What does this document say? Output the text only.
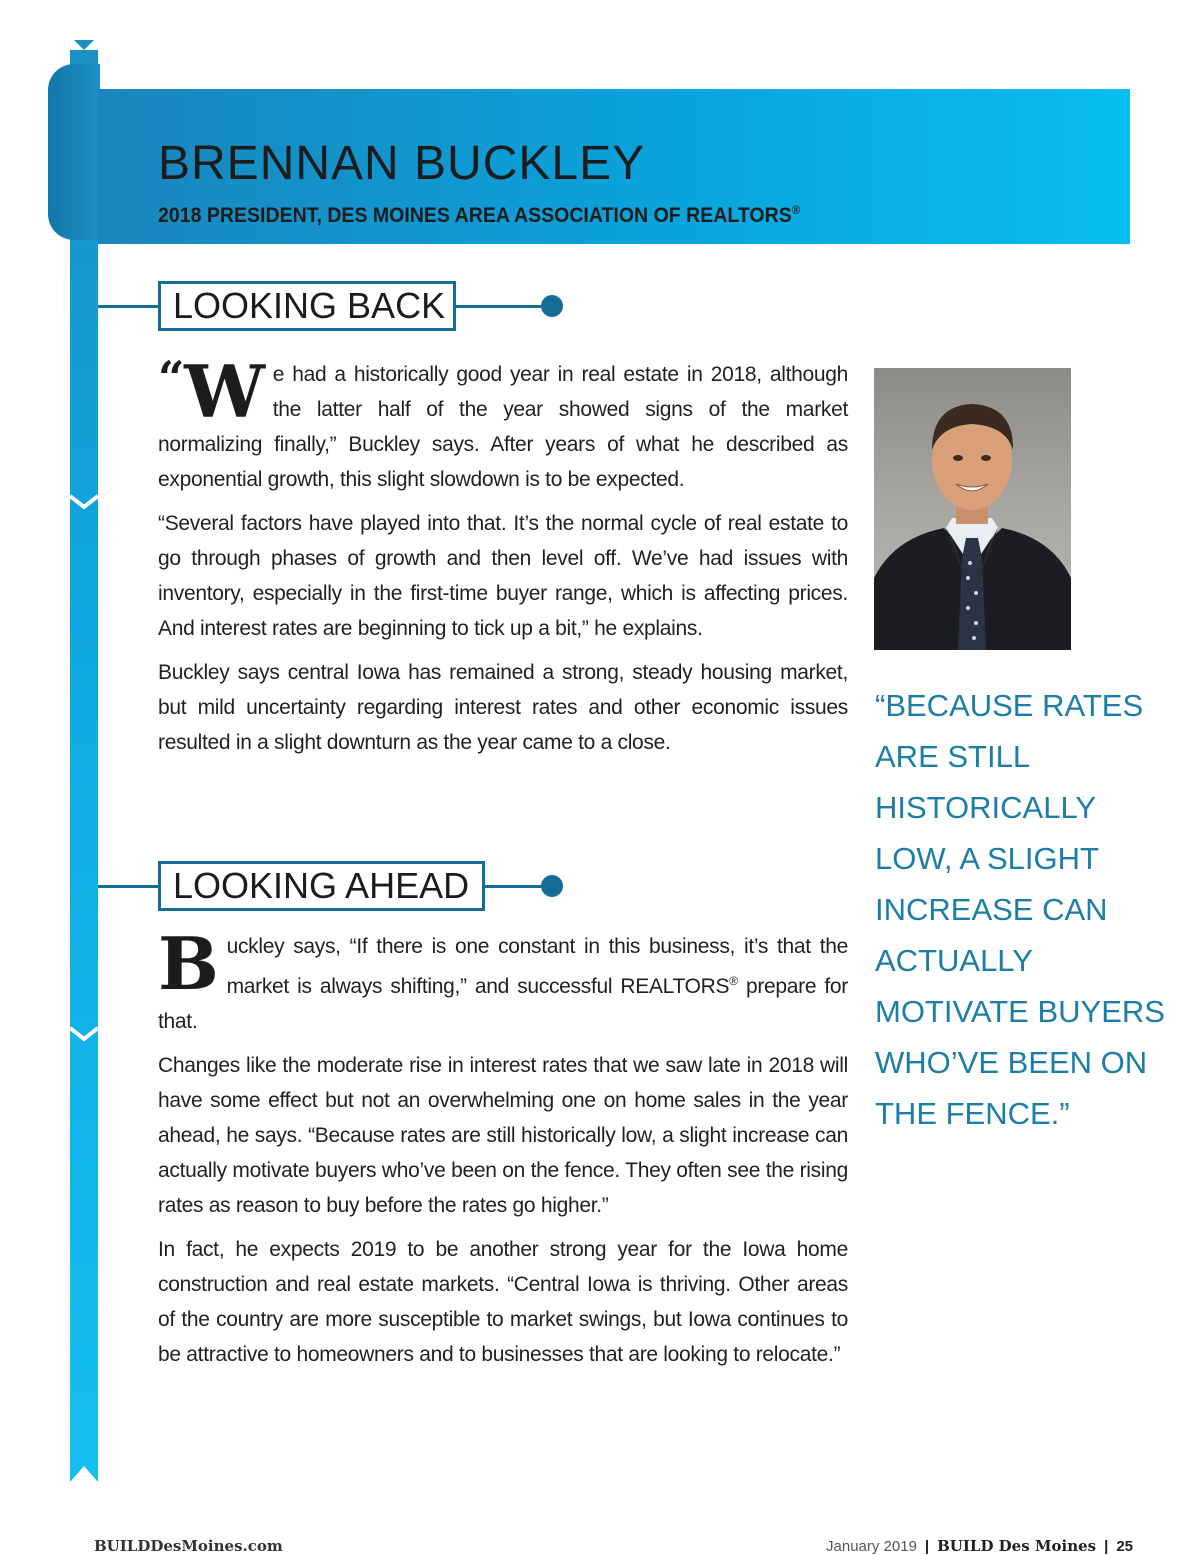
BRENNAN BUCKLEY

2018 PRESIDENT, DES MOINES AREA ASSOCIATION OF REALTORS®

LOOKING BACK

“W e had a historically good year in real estate in 2018, although the latter half of the year showed signs of the market normalizing finally,” Buckley says. After years of what he described as exponential growth, this slight slowdown is to be expected.

“Several factors have played into that. It’s the normal cycle of real estate to go through phases of growth and then level off. We’ve had issues with inventory, especially in the first-time buyer range, which is affecting prices. And interest rates are beginning to tick up a bit,” he explains.

Buckley says central Iowa has remained a strong, steady housing market, but mild uncertainty regarding interest rates and other economic issues resulted in a slight downturn as the year came to a close.

LOOKING AHEAD

Buckley says, “If there is one constant in this business, it’s that the market is always shifting,” and successful REALTORS® prepare for that.

Changes like the moderate rise in interest rates that we saw late in 2018 will have some effect but not an overwhelming one on home sales in the year ahead, he says. “Because rates are still historically low, a slight increase can actually motivate buyers who’ve been on the fence. They often see the rising rates as reason to buy before the rates go higher.”

In fact, he expects 2019 to be another strong year for the Iowa home construction and real estate markets. “Central Iowa is thriving. Other areas of the country are more susceptible to market swings, but Iowa continues to be attractive to homeowners and to businesses that are looking to relocate.”

“BECAUSE RATES ARE STILL HISTORICALLY LOW, A SLIGHT INCREASE CAN ACTUALLY MOTIVATE BUYERS WHO’VE BEEN ON THE FENCE.”

BUILDDesMoines.com	January 2019 | BUILD Des Moines | 25
